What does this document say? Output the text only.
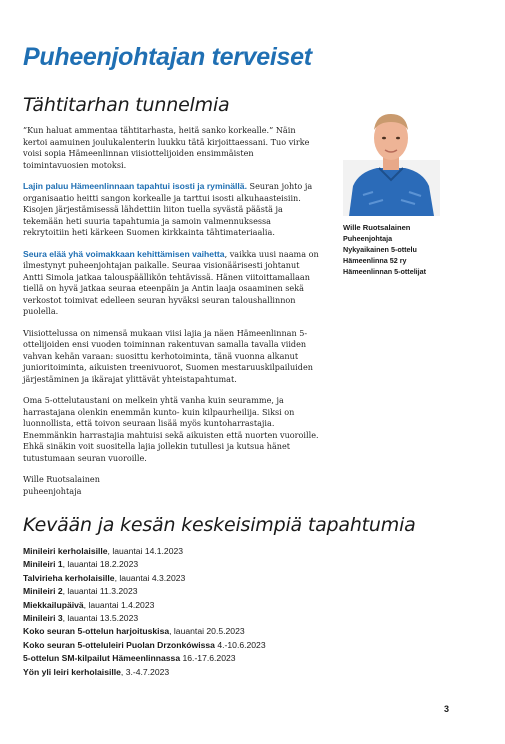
Puheenjohtajan terveiset
Tähtitarhan tunnelmia

”Kun haluat ammentaa tähtitarhasta, heitä sanko korkealle.” Näin kertoi aamuinen joulukalenterin luukku tätä kirjoittaessani. Tuo virke voisi sopia Hämeenlinnan viisiottelijoiden ensimmäisten toimintavuosien motoksi.

Lajin paluu Hämeenlinnaan tapahtui isosti ja ryminällä. Seuran johto ja organisaatio heitti sangon korkealle ja tarttui isosti alkuhaasteisiin. Kisojen järjestämisessä lähdettiin liiton tuella syvästä päästä ja tekemään heti suuria tapahtumia ja samoin valmennuksessa rekrytoitiin heti kärkeen Suomen kirkkainta tähtimateriaalia.

Seura elää yhä voimakkaan kehittämisen vaihetta, vaikka uusi naama on ilmestynyt puheenjohtajan paikalle. Seuraa visionäärisesti johtanut Antti Simola jatkaa talouspäällikön tehtävissä. Hänen viitoittamallaan tiellä on hyvä jatkaa seuraa eteenpäin ja Antin laaja osaaminen sekä verkostot toimivat edelleen seuran hyväksi seuran taloushallinnon puolella.

Viisiottelussa on nimensä mukaan viisi lajia ja näen Hämeenlinnan 5-ottelijoiden ensi vuoden toiminnan rakentuvan samalla tavalla viiden vahvan kehän varaan: suosittu kerhotoiminta, tänä vuonna alkanut junioritoiminta, aikuisten treenivuorot, Suomen mestaruuskilpailuiden järjestäminen ja ikärajat ylittävät yhteistapahtumat.

Oma 5-ottelutaustani on melkein yhtä vanha kuin seuramme, ja harrastajana olenkin enemmän kunto- kuin kilpaurheilija. Siksi on luonnollista, että toivon seuraan lisää myös kuntoharrastajia. Enemmänkin harrastajia mahtuisi sekä aikuisten että nuorten vuoroille. Ehkä sinäkin voit suositella lajia jollekin tutullesi ja kutsua hänet tutustumaan seuran vuoroille.

Wille Ruotsalainen
puheenjohtaja
Wille Ruotsalainen
Puheenjohtaja
Nykyaikainen 5-ottelu
Hämeenlinna 52 ry
Hämeenlinnan 5-ottelijat
Kevään ja kesän keskeisimpiä tapahtumia
Minileiri kerholaisille, lauantai 14.1.2023
Minileiri 1, lauantai 18.2.2023
Talvirieha kerholaisille, lauantai 4.3.2023
Minileiri 2, lauantai 11.3.2023
Miekkailupäivä, lauantai 1.4.2023
Minileiri 3, lauantai 13.5.2023
Koko seuran 5-ottelun harjoituskisa, lauantai 20.5.2023
Koko seuran 5-otteluleiri Puolan Drzonkówissa 4.-10.6.2023
5-ottelun SM-kilpailut Hämeenlinnassa 16.-17.6.2023
Yön yli leiri kerholaisille, 3.-4.7.2023
3
